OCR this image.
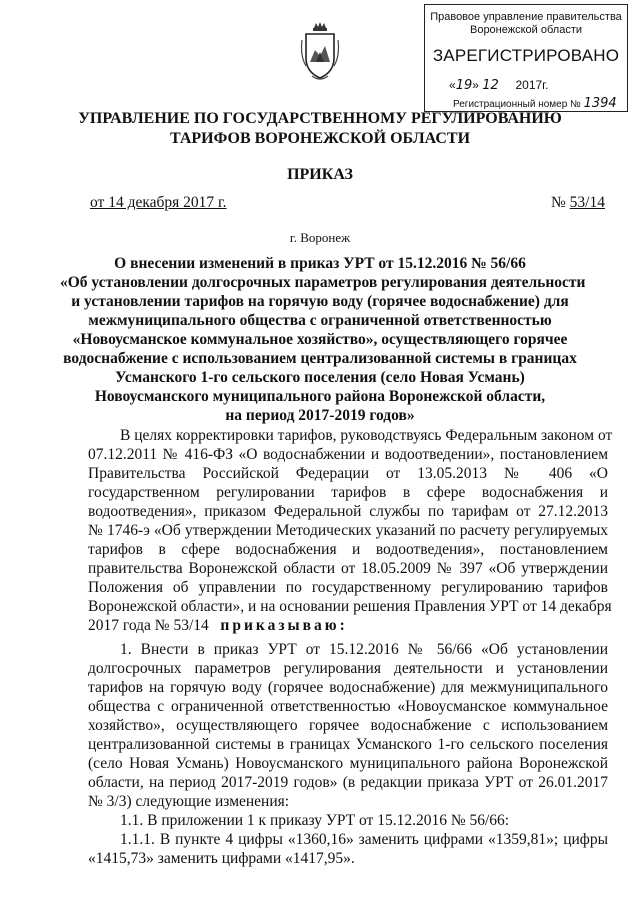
Правовое управление правительства
Воронежской области
ЗАРЕГИСТРИРОВАНО
«19» 12 2017г.
Регистрационный номер № 1394
УПРАВЛЕНИЕ ПО ГОСУДАРСТВЕННОМУ РЕГУЛИРОВАНИЮ
ТАРИФОВ ВОРОНЕЖСКОЙ ОБЛАСТИ
ПРИКАЗ
от 14 декабря 2017 г.	№ 53/14
г. Воронеж
О внесении изменений в приказ УРТ от 15.12.2016 № 56/66
«Об установлении долгосрочных параметров регулирования деятельности
и установлении тарифов на горячую воду (горячее водоснабжение) для
межмуниципального общества с ограниченной ответственностью
«Новоусманское коммунальное хозяйство», осуществляющего горячее
водоснабжение с использованием централизованной системы в границах
Усманского 1-го сельского поселения (село Новая Усмань)
Новоусманского муниципального района Воронежской области,
на период 2017-2019 годов»
В целях корректировки тарифов, руководствуясь Федеральным законом от
07.12.2011 № 416-ФЗ «О водоснабжении и водоотведении», постановлением
Правительства Российской Федерации от 13.05.2013 № 406 «О
государственном регулировании тарифов в сфере водоснабжения и
водоотведения», приказом Федеральной службы по тарифам от 27.12.2013
№ 1746-э «Об утверждении Методических указаний по расчету регулируемых
тарифов в сфере водоснабжения и водоотведения», постановлением
правительства Воронежской области от 18.05.2009 № 397 «Об утверждении
Положения об управлении по государственному регулированию тарифов
Воронежской области», и на основании решения Правления УРТ от 14 декабря
2017 года № 53/14 приказываю:
1. Внести в приказ УРТ от 15.12.2016 № 56/66 «Об установлении
долгосрочных параметров регулирования деятельности и установлении
тарифов на горячую воду (горячее водоснабжение) для межмуниципального
общества с ограниченной ответственностью «Новоусманское коммунальное
хозяйство», осуществляющего горячее водоснабжение с использованием
централизованной системы в границах Усманского 1-го сельского поселения
(село Новая Усмань) Новоусманского муниципального района Воронежской
области, на период 2017-2019 годов» (в редакции приказа УРТ от 26.01.2017
№ 3/3) следующие изменения:
1.1. В приложении 1 к приказу УРТ от 15.12.2016 № 56/66:
1.1.1. В пункте 4 цифры «1360,16» заменить цифрами «1359,81»; цифры
«1415,73» заменить цифрами «1417,95».
